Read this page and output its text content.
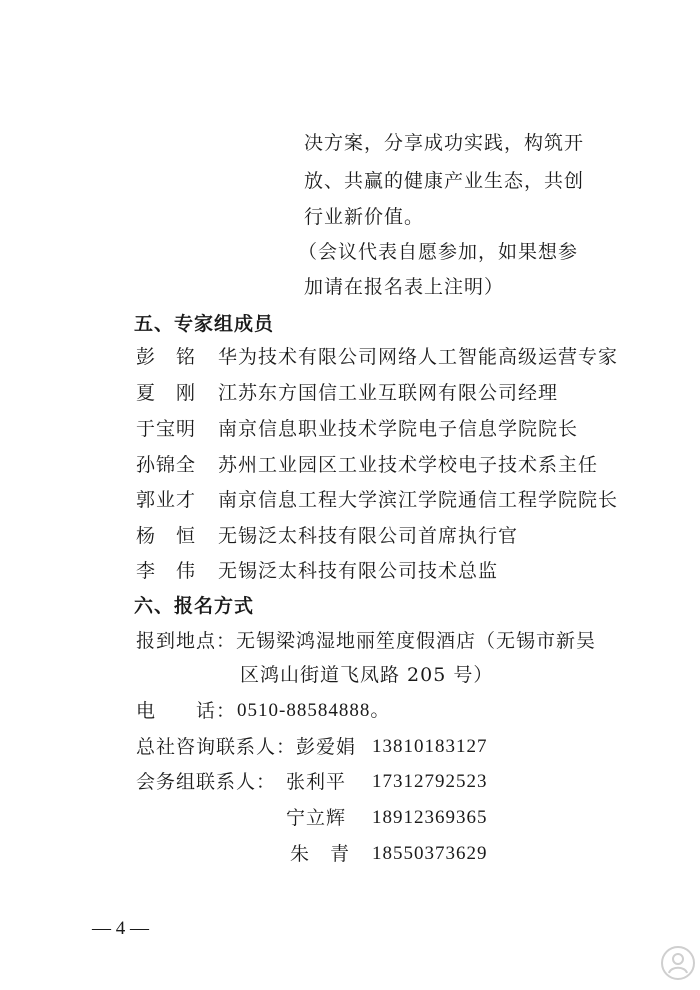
决方案，分享成功实践，构筑开
放、共赢的健康产业生态，共创
行业新价值。
（会议代表自愿参加，如果想参
加请在报名表上注明）
五、专家组成员
彭　铭	华为技术有限公司网络人工智能高级运营专家
夏　刚	江苏东方国信工业互联网有限公司经理
于宝明	南京信息职业技术学院电子信息学院院长
孙锦全	苏州工业园区工业技术学校电子技术系主任
郭业才	南京信息工程大学滨江学院通信工程学院院长
杨　恒	无锡泛太科技有限公司首席执行官
李　伟	无锡泛太科技有限公司技术总监
六、报名方式
报到地点：无锡梁鸿湿地丽笙度假酒店（无锡市新吴
区鸿山街道飞凤路 205 号）
电　　话： 0510-88584888。
总社咨询联系人： 彭爱娟 13810183127
会务组联系人： 张利平 17312792523
宁立辉 18912369365
朱　青 18550373629
— 4 —
